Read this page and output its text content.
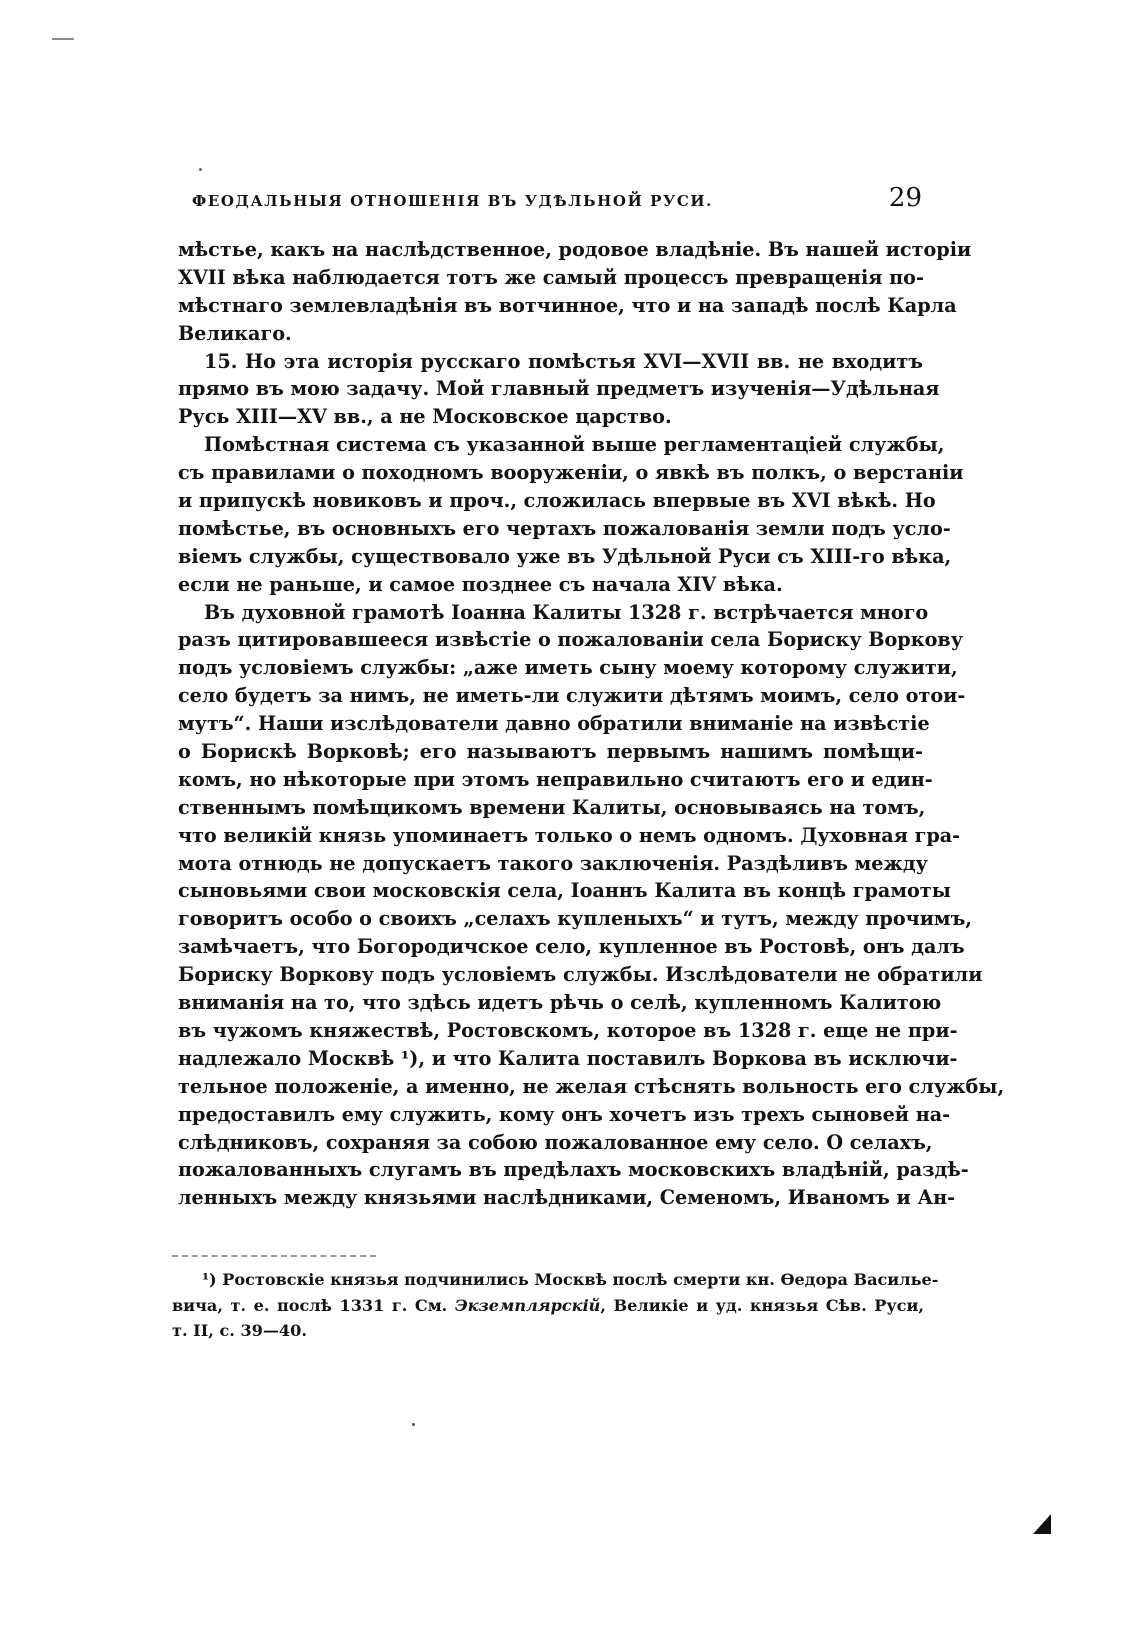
ФЕОДАЛЬНЫЯ ОТНОШЕНІЯ ВЪ УДѢЛЬНОЙ РУСИ.	29
мѣстье, какъ на наслѣдственное, родовое владѣніе. Въ нашей исторіи
XVII вѣка наблюдается тотъ же самый процессъ превращенія по-
мѣстнаго землевладѣнія въ вотчинное, что и на западѣ послѣ Карла
Великаго.
15. Но эта исторія русскаго помѣстья XVI—XVII вв. не входитъ
прямо въ мою задачу. Мой главный предметъ изученія—Удѣльная
Русь XIII—XV вв., а не Московское царство.
Помѣстная система съ указанной выше регламентаціей службы,
съ правилами о походномъ вооруженіи, о явкѣ въ полкъ, о верстаніи
и припускѣ новиковъ и проч., сложилась впервые въ XVI вѣкѣ. Но
помѣстье, въ основныхъ его чертахъ пожалованія земли подъ усло-
віемъ службы, существовало уже въ Удѣльной Руси съ XIII-го вѣка,
если не раньше, и самое позднее съ начала XIV вѣка.
Въ духовной грамотѣ Іоанна Калиты 1328 г. встрѣчается много
разъ цитировавшееся извѣстіе о пожалованіи села Бориску Воркову
подъ условіемъ службы: „аже иметь сыну моему которому служити,
село будетъ за нимъ, не иметь-ли служити дѣтямъ моимъ, село отои-
мутъ“. Наши изслѣдователи давно обратили вниманіе на извѣстіе
о Борискѣ Ворковѣ; его называютъ первымъ нашимъ помѣщи-
комъ, но нѣкоторые при этомъ неправильно считаютъ его и един-
ственнымъ помѣщикомъ времени Калиты, основываясь на томъ,
что великій князь упоминаетъ только о немъ одномъ. Духовная гра-
мота отнюдь не допускаетъ такого заключенія. Раздѣливъ между
сыновьями свои московскія села, Іоаннъ Калита въ концѣ грамоты
говоритъ особо о своихъ „селахъ купленыхъ“ и тутъ, между прочимъ,
замѣчаетъ, что Богородичское село, купленное въ Ростовѣ, онъ далъ
Бориску Воркову подъ условіемъ службы. Изслѣдователи не обратили
вниманія на то, что здѣсь идетъ рѣчь о селѣ, купленномъ Калитою
въ чужомъ княжествѣ, Ростовскомъ, которое въ 1328 г. еще не при-
надлежало Москвѣ ¹), и что Калита поставилъ Воркова въ исключи-
тельное положеніе, а именно, не желая стѣснять вольность его службы,
предоставилъ ему служить, кому онъ хочетъ изъ трехъ сыновей на-
слѣдниковъ, сохраняя за собою пожалованное ему село. О селахъ,
пожалованныхъ слугамъ въ предѣлахъ московскихъ владѣній, раздѣ-
ленныхъ между князьями наслѣдниками, Семеномъ, Иваномъ и Ан-
¹) Ростовскіе князья подчинились Москвѣ послѣ смерти кн. Ѳедора Васильe-
вича, т. е. послѣ 1331 г. См. Экземплярскій, Великіе и уд. князья Сѣв. Руси,
т. II, с. 39—40.
